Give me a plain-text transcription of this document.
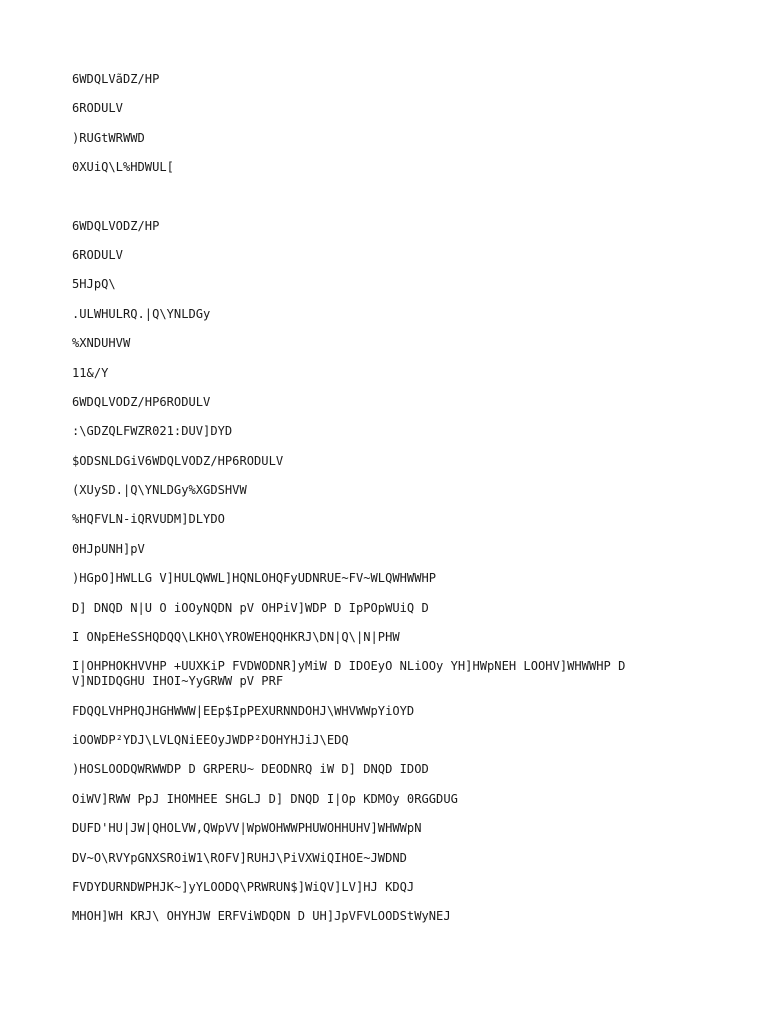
6WDQLVãDZ/HP
6RODULV
)RUGtWRWWD
0XUiQ\L%HDWUL[
6WDQLVODZ/HP
6RODULV
5HJpQ\
.ULWHULRQ.|Q\YNLDGy
%XNDUHVW
11&/Y
6WDQLVODZ/HP6RODULV
:\GDZQLFWZR021:DUV]DYD
$ODSNLDGiV6WDQLVODZ/HP6RODULV
(XUySD.|Q\YNLDGy%XGDSHVW
%HQFVLN-iQRVUDM]DLYDO
0HJpUNH]pV
)HGpO]HWLLG V]HULQWWL]HQNLOHQFyUDNRUE~FV~WLQWHWWHP
D] DNQD N|U O iOOyNQDN pV OHPiV]WDP D IpPOpWUiQ D
I ONpEHeSSHQDQQ\LKHO\YROWEHQQHKRJ\DN|Q\|N|PHW
I|OHPHOKHVVHP +UUXKiP FVDWODNR]yMiW D IDOEyO NLiOOy YH]HWpNEH LOOHV]WHWWHP D V]NDIDQGHU IHOI~YyGRWW pV PRF
FDQQLVHPHQJHGHWWW|EEp$IpPEXURNNDOHJ\WHVWWpYiOYD
iOOWDP²YDJ\LVLQNiEEOyJWDP²DOHYHJiJ\EDQ
)HOSLOODQWRWWDP D GRPERU~ DEODNRQ iW D] DNQD IDOD
OiWV]RWW PpJ IHOMHEE SHGLJ D] DNQD I|Op KDMOy 0RGGDUG
DUFD'HU|JW|QHOLVW,QWpVV|WpWOHWWPHUWOHHUHV]WHWWpN
DV~O\RVYpGNXSROiW1\ROFV]RUHJ\PiVXWiQIHOE~JWDND
FVDYDURNDWPHJK~]yYLOODQ\PRWRUN$]WiQV]LV]HJ KDQJ
MHOH]WH KRJ\ OHYHJW ERFViWDQDN D UH]JpVFVLOODStWyNEJ
